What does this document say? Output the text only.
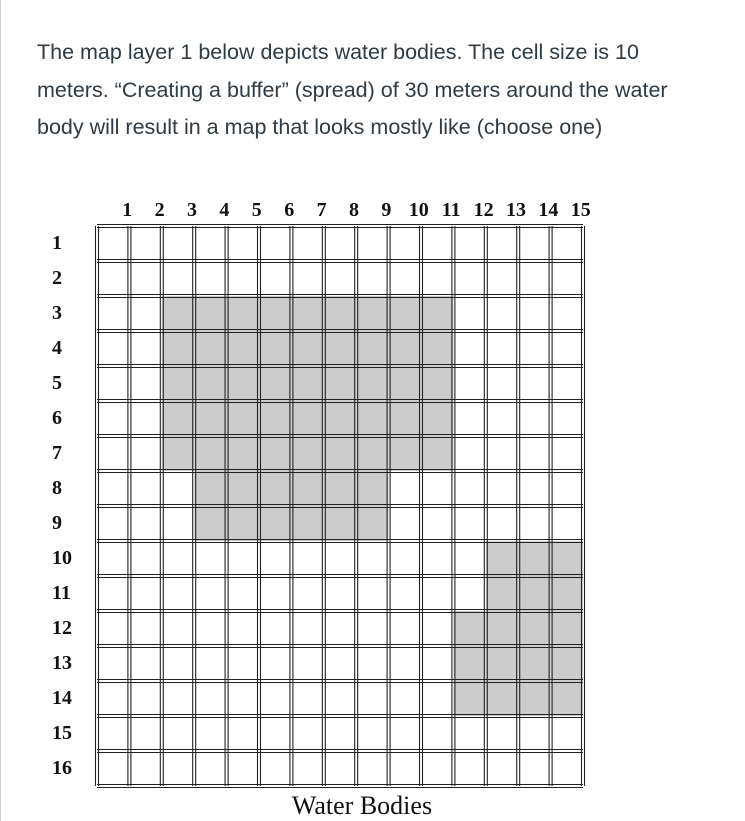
The map layer 1 below depicts water bodies. The cell size is 10 meters. “Creating a buffer” (spread) of 30 meters around the water body will result in a map that looks mostly like (choose one)
1 2 3 4 5 6 7 8 9 10 11 12 13 14 15
1
2
3
4
5
6
7
8
9
10
11
12
13
14
15
16
Water Bodies
